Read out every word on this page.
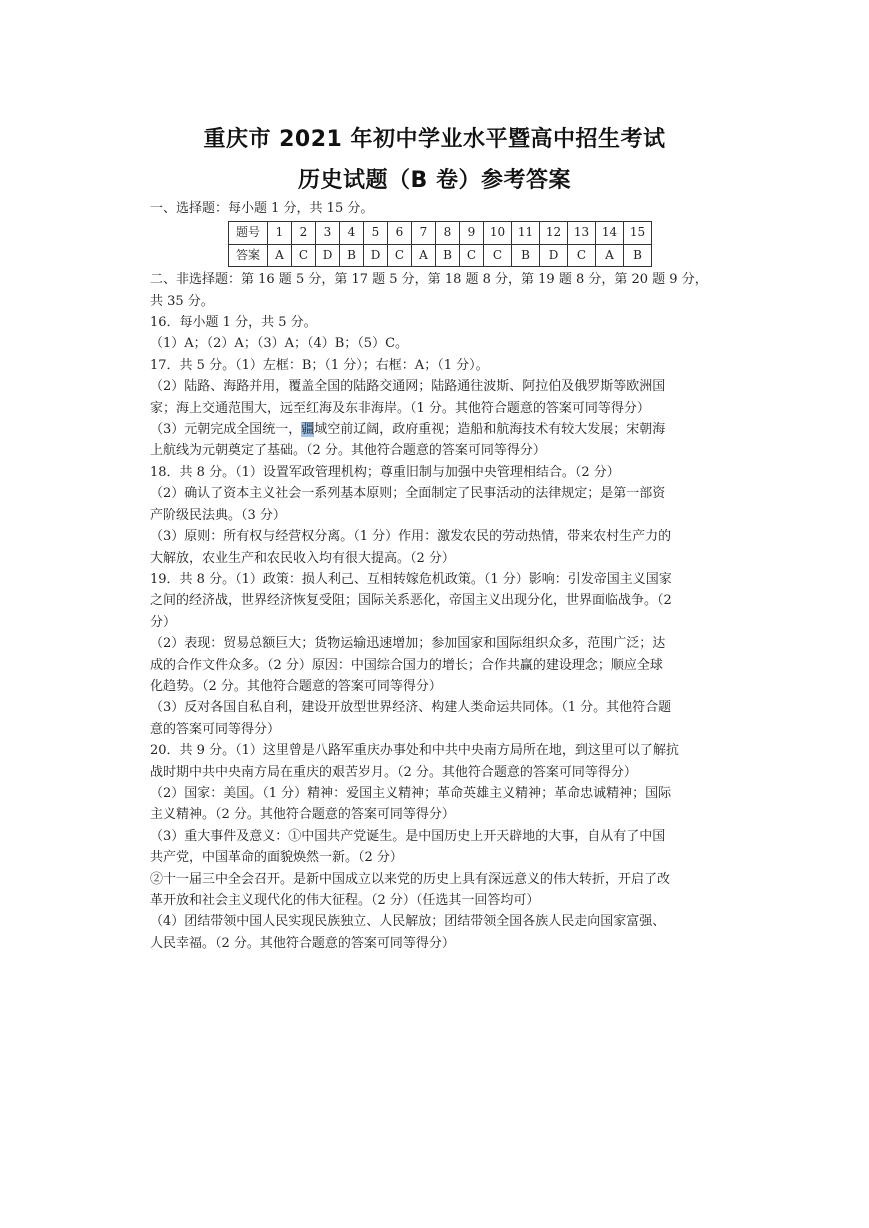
重庆市 2021 年初中学业水平暨高中招生考试
历史试题（B 卷）参考答案

一、选择题：每小题 1 分，共 15 分。

题号	1	2	3	4	5	6	7	8	9	10	11	12	13	14	15
答案	A	C	D	B	D	C	A	B	C	C	B	D	C	A	B

二、非选择题：第 16 题 5 分，第 17 题 5 分，第 18 题 8 分，第 19 题 8 分，第 20 题 9 分，

共 35 分。

16．每小题 1 分，共 5 分。

（1）A；（2）A；（3）A；（4）B；（5）C。

17．共 5 分。（1）左框：B；（1 分）；右框：A；（1 分）。

（2）陆路、海路并用，覆盖全国的陆路交通网；陆路通往波斯、阿拉伯及俄罗斯等欧洲国

家；海上交通范围大，远至红海及东非海岸。（1 分。其他符合题意的答案可同等得分）

（3）元朝完成全国统一，疆域空前辽阔，政府重视；造船和航海技术有较大发展；宋朝海

上航线为元朝奠定了基础。（2 分。其他符合题意的答案可同等得分）

18．共 8 分。（1）设置军政管理机构；尊重旧制与加强中央管理相结合。（2 分）

（2）确认了资本主义社会一系列基本原则；全面制定了民事活动的法律规定；是第一部资

产阶级民法典。（3 分）

（3）原则：所有权与经营权分离。（1 分）作用：激发农民的劳动热情，带来农村生产力的

大解放，农业生产和农民收入均有很大提高。（2 分）

19．共 8 分。（1）政策：损人利己、互相转嫁危机政策。（1 分）影响：引发帝国主义国家

之间的经济战，世界经济恢复受阻；国际关系恶化，帝国主义出现分化，世界面临战争。（2

分）

（2）表现：贸易总额巨大；货物运输迅速增加；参加国家和国际组织众多，范围广泛；达

成的合作文件众多。（2 分）原因：中国综合国力的增长；合作共赢的建设理念；顺应全球

化趋势。（2 分。其他符合题意的答案可同等得分）

（3）反对各国自私自利，建设开放型世界经济、构建人类命运共同体。（1 分。其他符合题

意的答案可同等得分）

20．共 9 分。（1）这里曾是八路军重庆办事处和中共中央南方局所在地，到这里可以了解抗

战时期中共中央南方局在重庆的艰苦岁月。（2 分。其他符合题意的答案可同等得分）

（2）国家：美国。（1 分）精神：爱国主义精神；革命英雄主义精神；革命忠诚精神；国际

主义精神。（2 分。其他符合题意的答案可同等得分）

（3）重大事件及意义：①中国共产党诞生。是中国历史上开天辟地的大事，自从有了中国

共产党，中国革命的面貌焕然一新。（2 分）

②十一届三中全会召开。是新中国成立以来党的历史上具有深远意义的伟大转折，开启了改

革开放和社会主义现代化的伟大征程。（2 分）（任选其一回答均可）

（4）团结带领中国人民实现民族独立、人民解放；团结带领全国各族人民走向国家富强、

人民幸福。（2 分。其他符合题意的答案可同等得分）
